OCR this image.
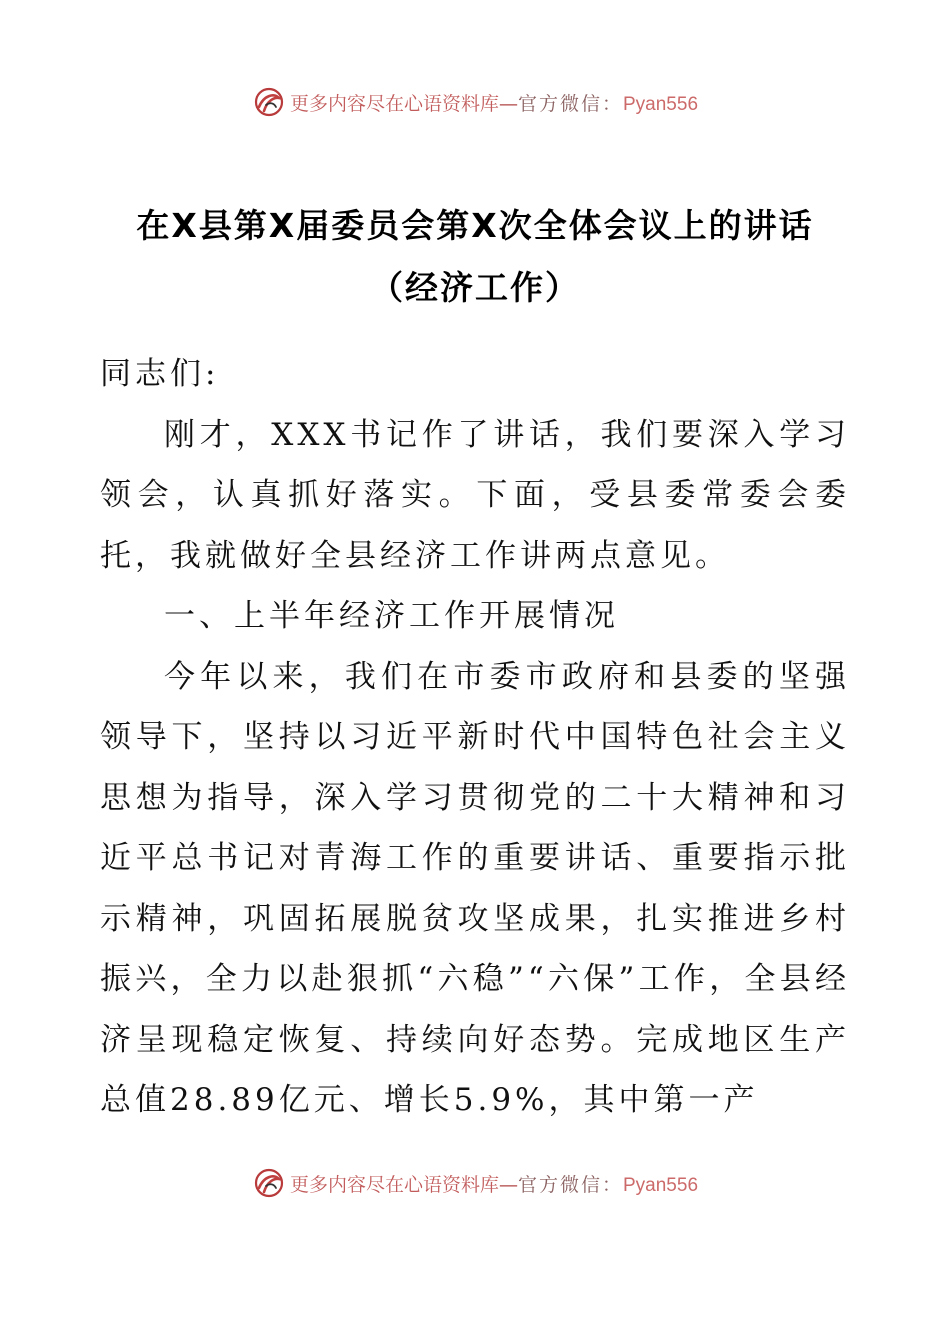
更多内容尽在心语资料库—官方微信：Pyan556
在X县第X届委员会第X次全体会议上的讲话
（经济工作）

同志们:

刚才，XXX书记作了讲话，我们要深入学习领会，认真抓好落实。下面，受县委常委会委托，我就做好全县经济工作讲两点意见。

一、上半年经济工作开展情况

今年以来，我们在市委市政府和县委的坚强领导下，坚持以习近平新时代中国特色社会主义思想为指导，深入学习贯彻党的二十大精神和习近平总书记对青海工作的重要讲话、重要指示批示精神，巩固拓展脱贫攻坚成果，扎实推进乡村振兴，全力以赴狠抓“六稳”“六保”工作，全县经济呈现稳定恢复、持续向好态势。完成地区生产总值28.89亿元、增长5.9%，其中第一产

更多内容尽在心语资料库—官方微信：Pyan556
